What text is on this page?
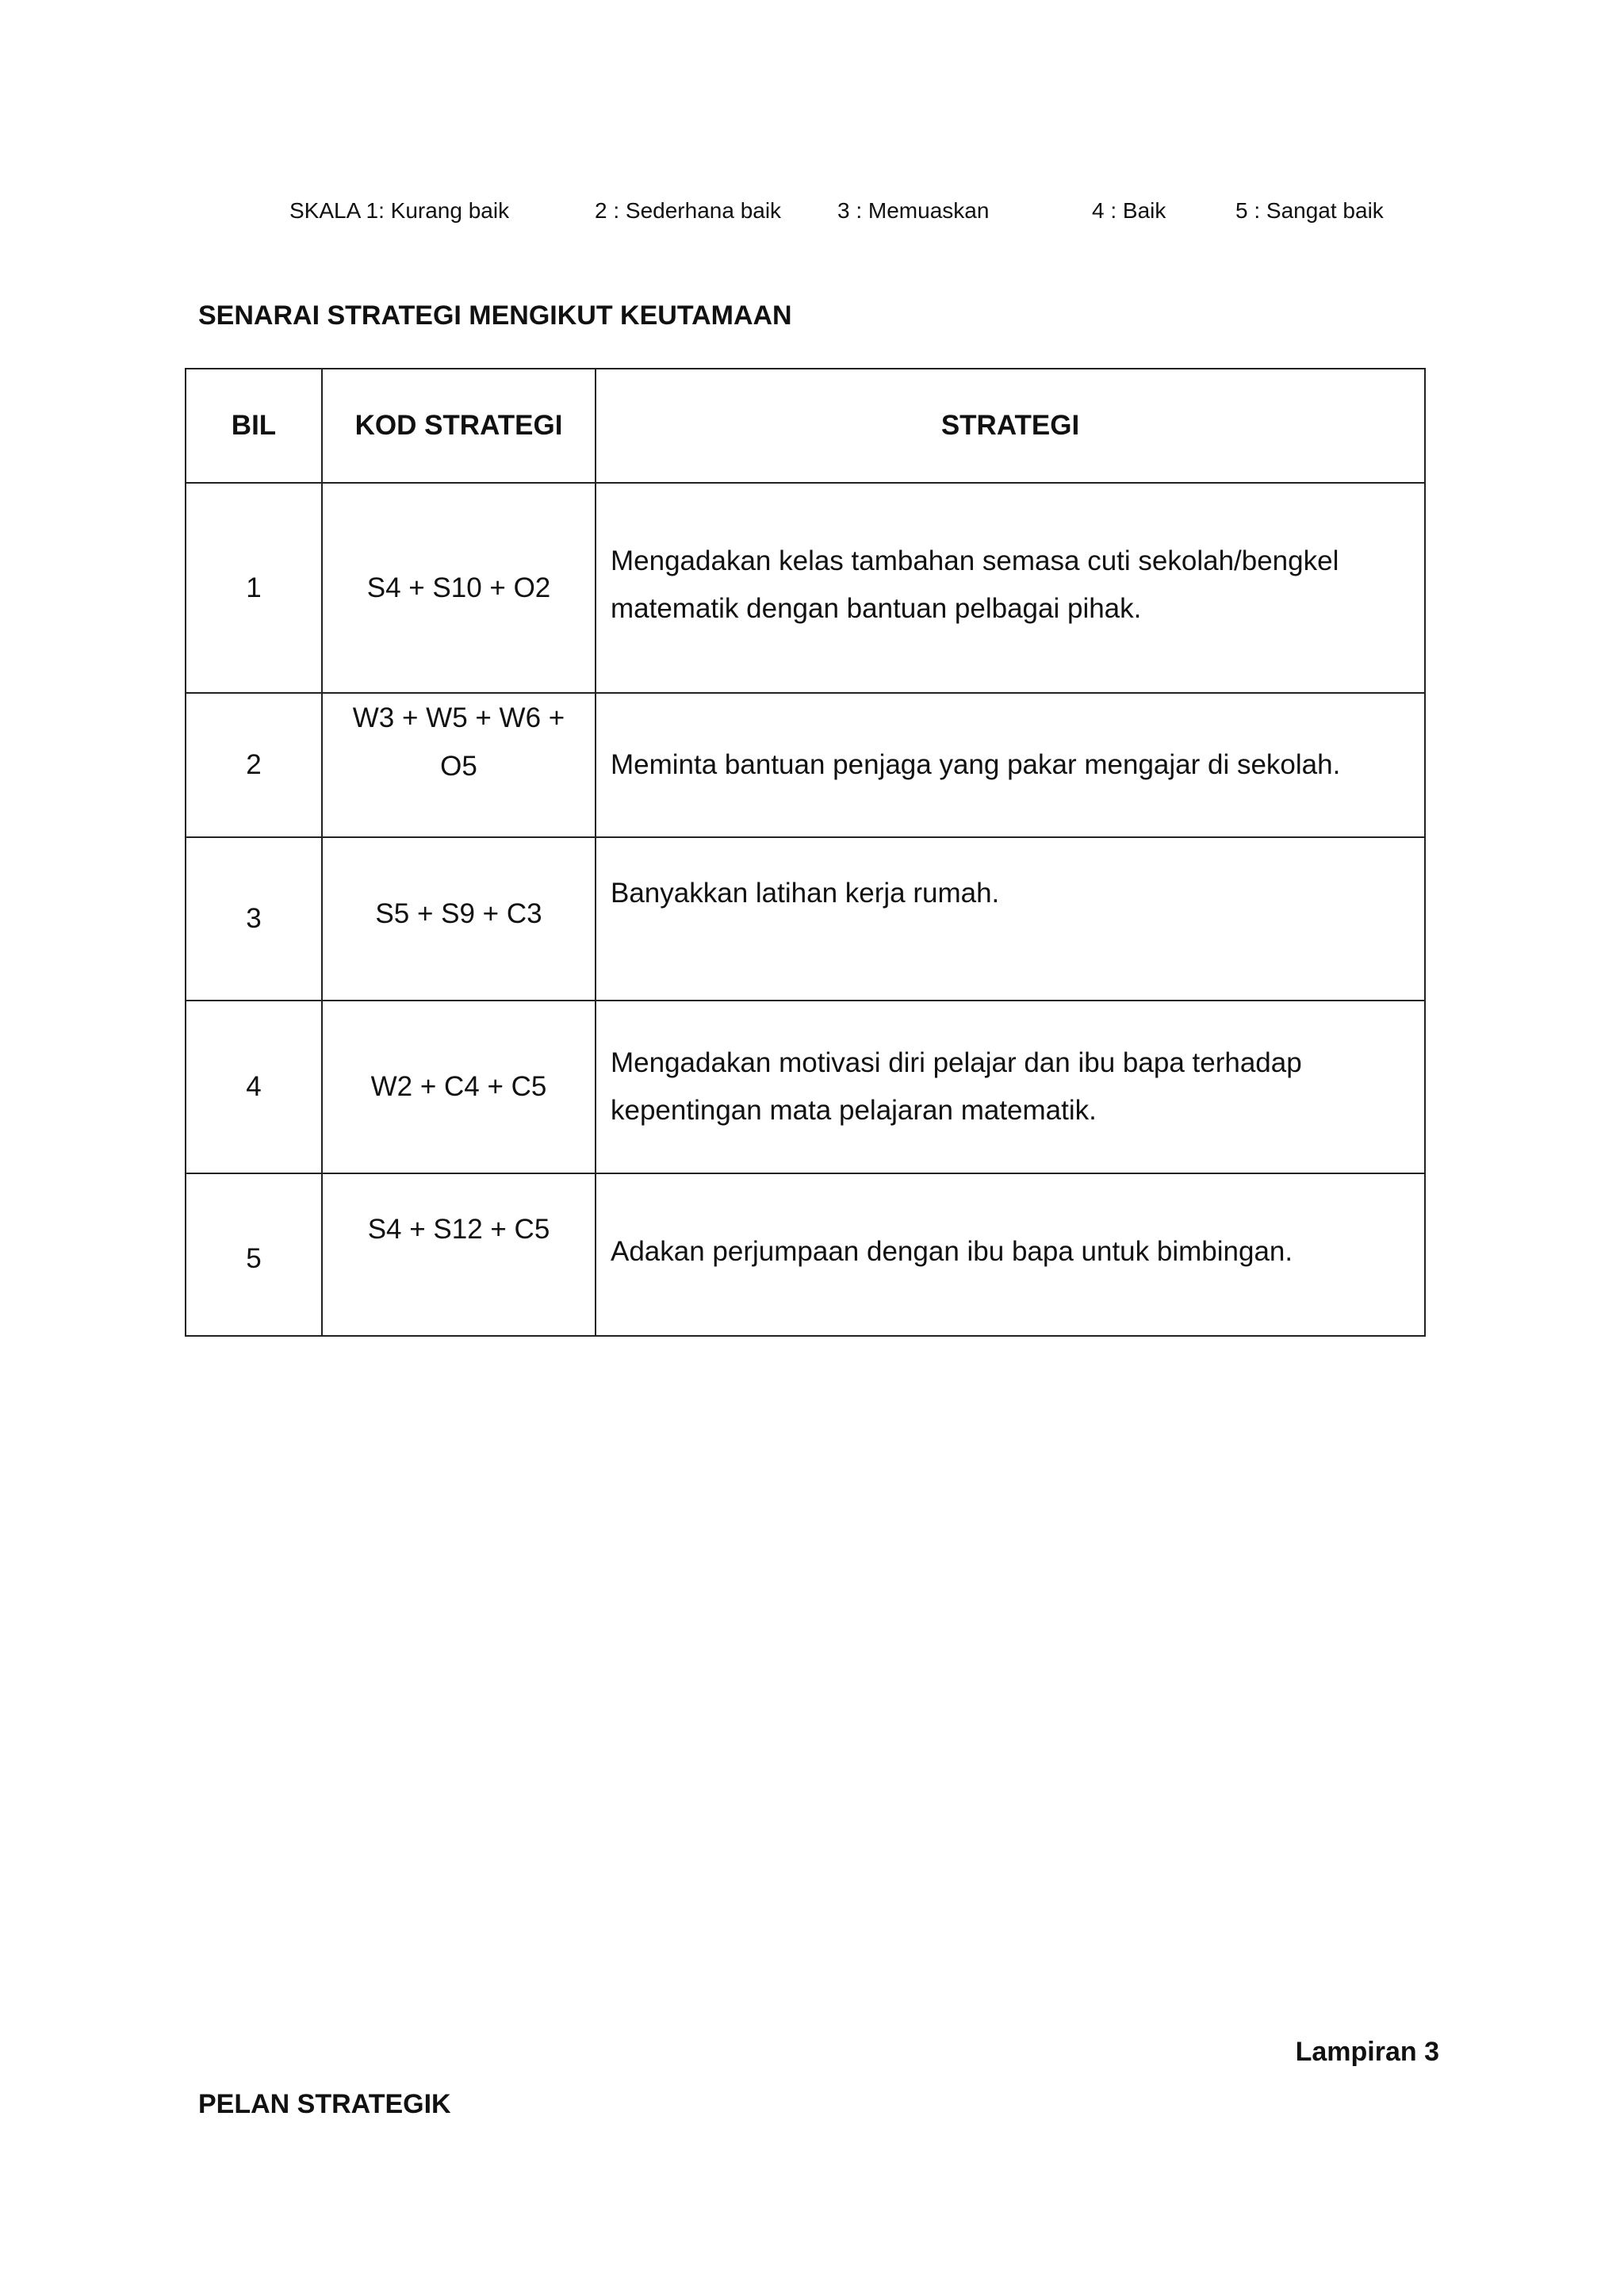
SKALA 1: Kurang baik	2 : Sederhana baik	3 : Memuaskan	4 : Baik	5 : Sangat baik
SENARAI STRATEGI MENGIKUT KEUTAMAAN
BIL	KOD STRATEGI	STRATEGI
1	S4 + S10 + O2	Mengadakan kelas tambahan semasa cuti sekolah/bengkel matematik dengan bantuan pelbagai pihak.
2	W3 + W5 + W6 + O5	Meminta bantuan penjaga yang pakar mengajar di sekolah.
3	S5 + S9 + C3	Banyakkan latihan kerja rumah.
4	W2 + C4 + C5	Mengadakan motivasi diri pelajar dan ibu bapa terhadap kepentingan mata pelajaran matematik.
5	S4 + S12 + C5	Adakan perjumpaan dengan ibu bapa untuk bimbingan.
Lampiran 3
PELAN STRATEGIK
